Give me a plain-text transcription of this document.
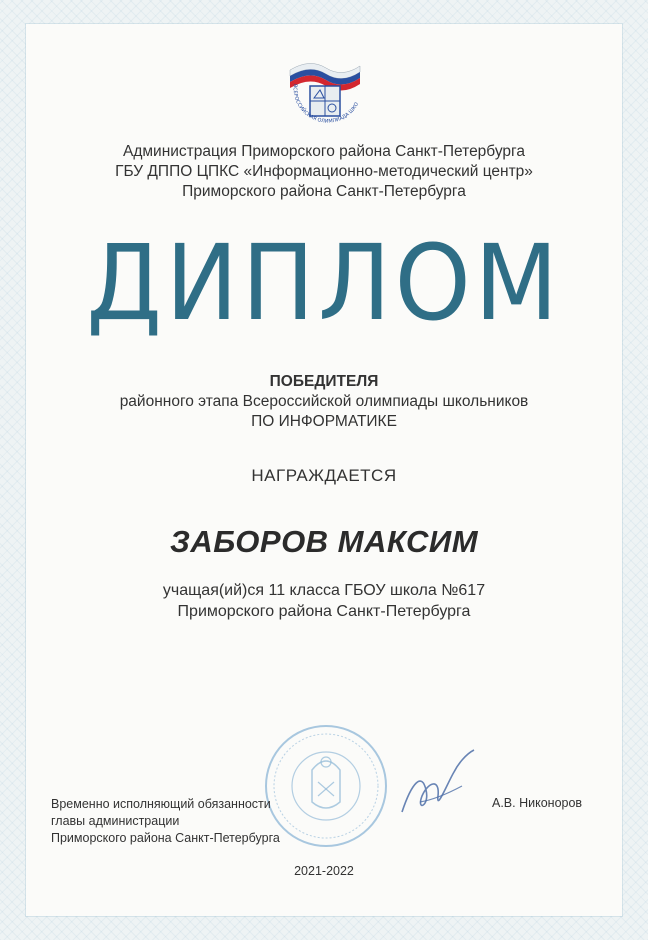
ВСЕРОССИЙСКАЯ ОЛИМПИАДА ШКО
Администрация Приморского района Санкт-Петербурга
ГБУ ДППО ЦПКС «Информационно-методический центр»
Приморского района Санкт-Петербурга
ДИПЛОМ
ПОБЕДИТЕЛЯ
районного этапа Всероссийской олимпиады школьников
ПО ИНФОРМАТИКЕ
НАГРАЖДАЕТСЯ
ЗАБОРОВ МАКСИМ
учащая(ий)ся 11 класса ГБОУ школа №617
Приморского района Санкт-Петербурга
Временно исполняющий обязанности
главы администрации
Приморского района Санкт-Петербурга
А.В. Никоноров
2021-2022
